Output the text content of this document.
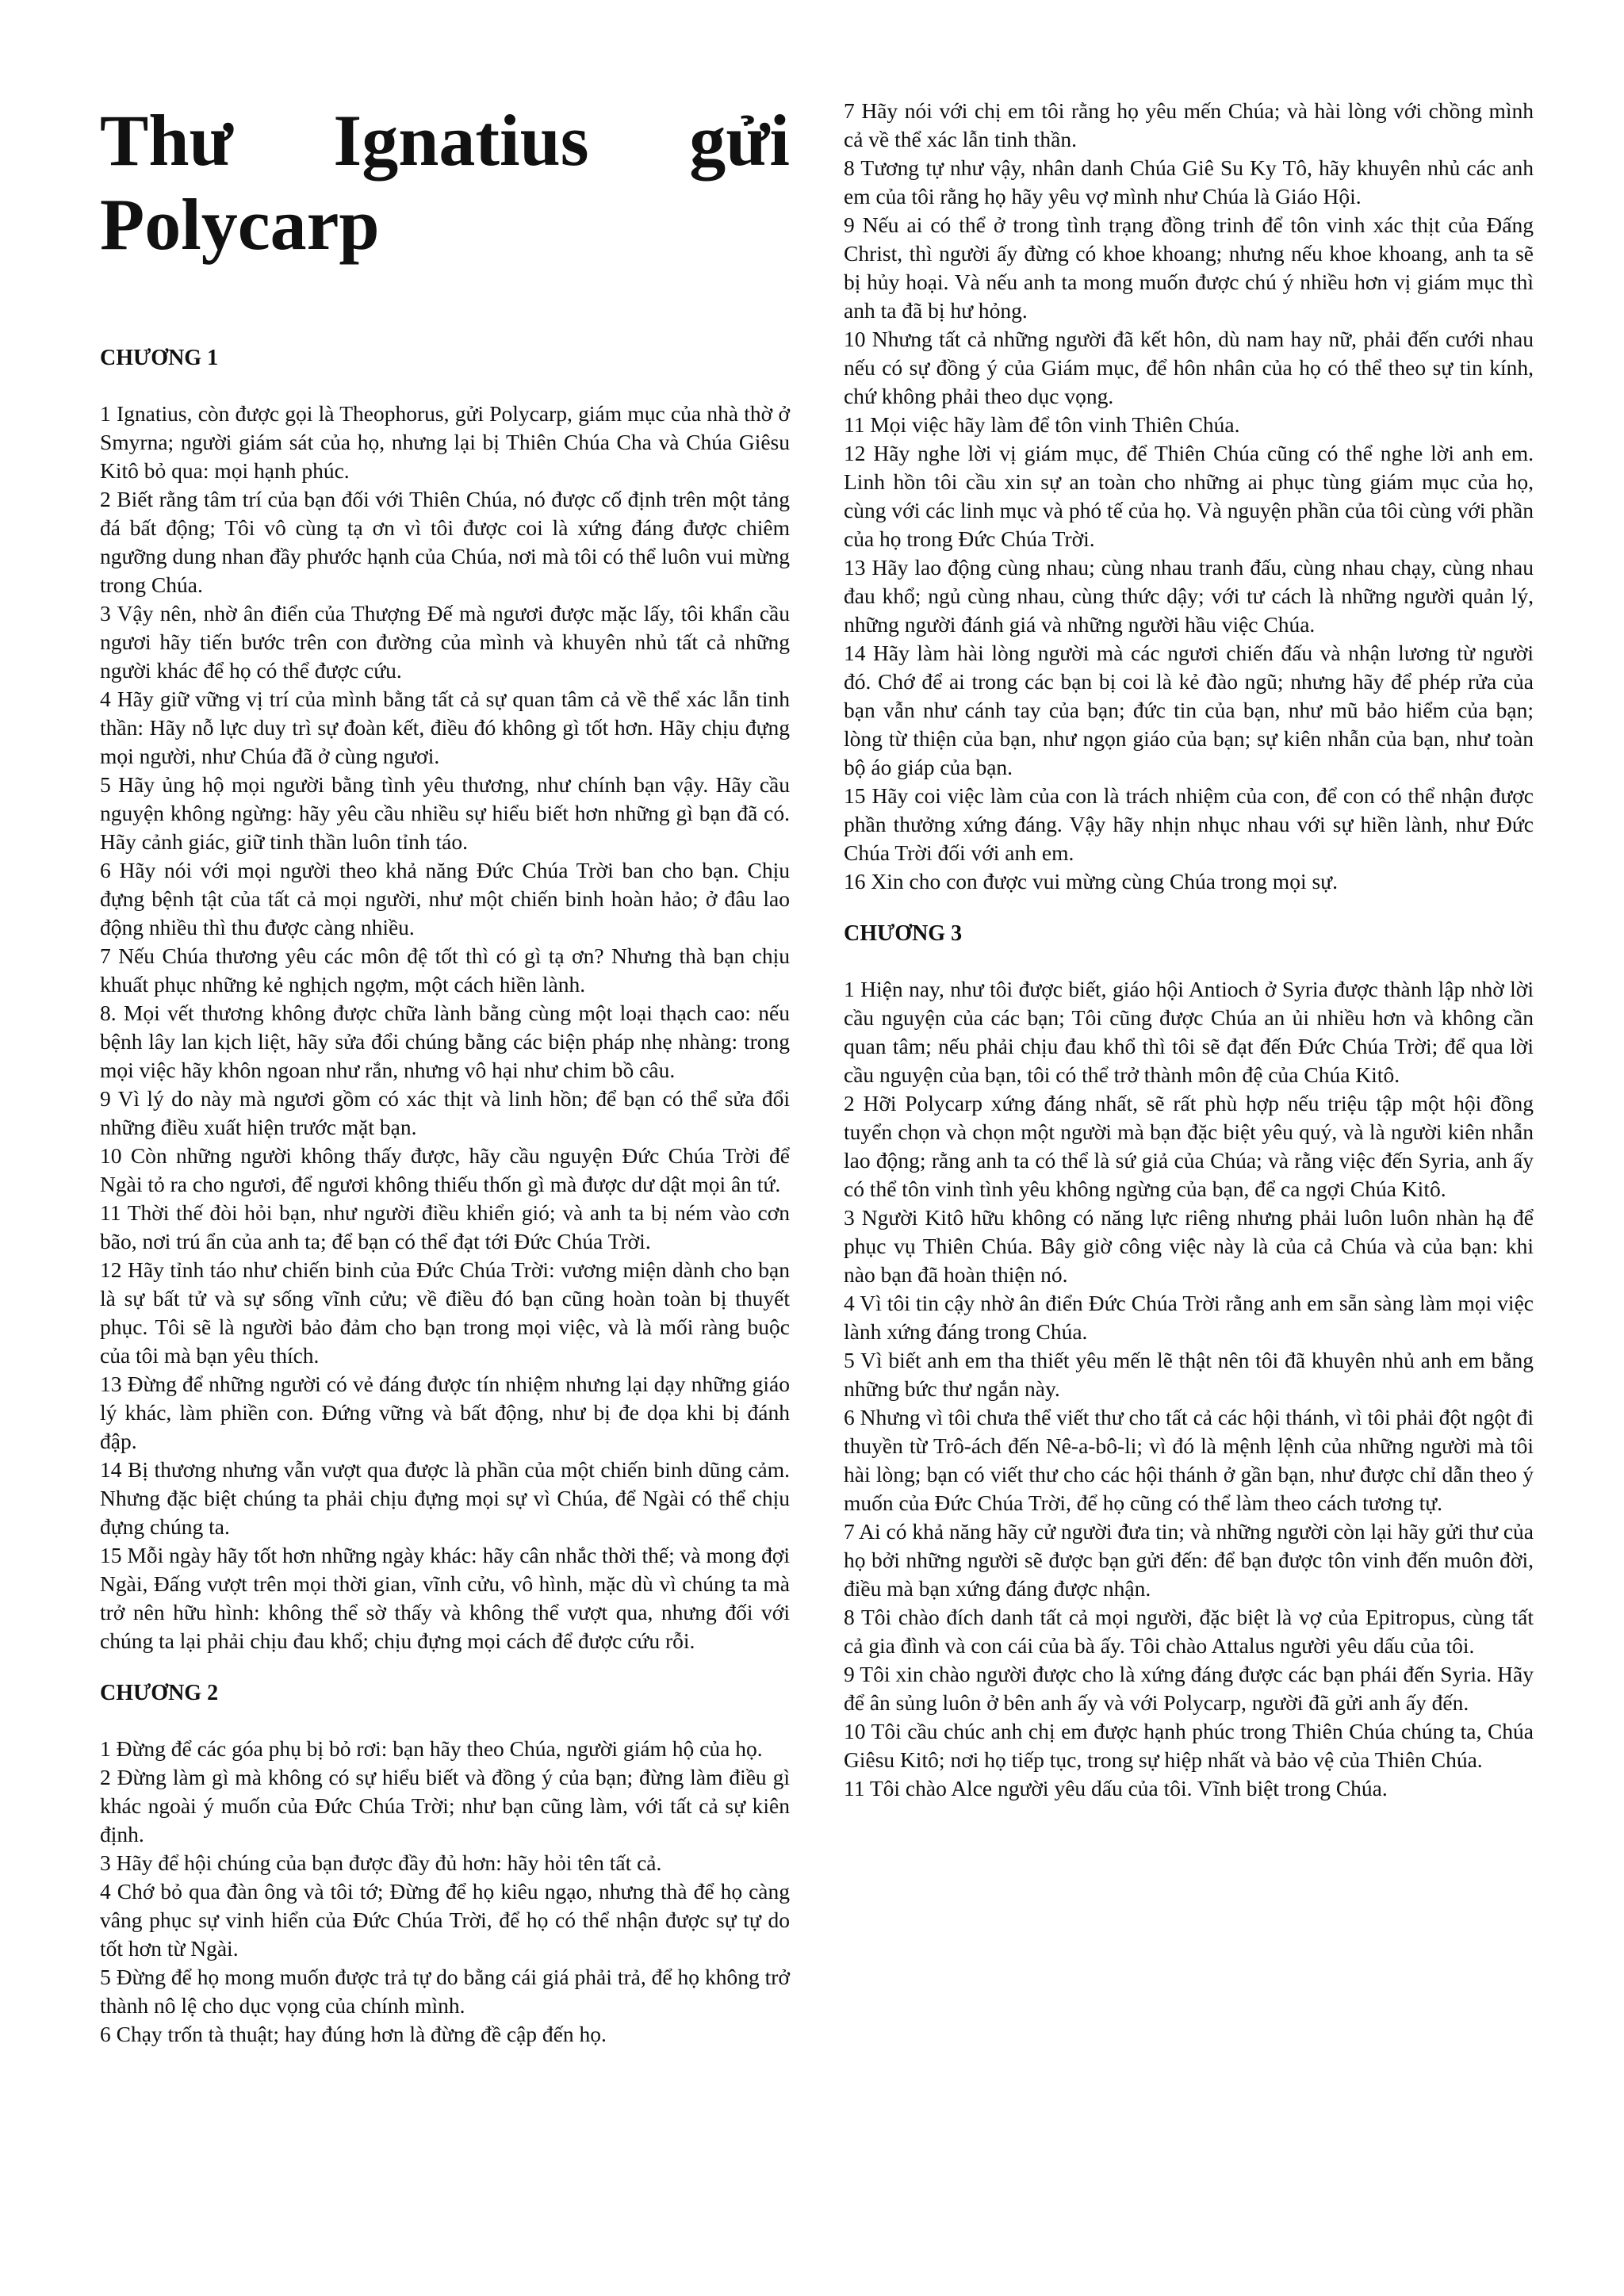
Thư Ignatius gửi Polycarp
CHƯƠNG 1

1 Ignatius, còn được gọi là Theophorus, gửi Polycarp, giám mục của nhà thờ ở Smyrna; người giám sát của họ, nhưng lại bị Thiên Chúa Cha và Chúa Giêsu Kitô bỏ qua: mọi hạnh phúc.

2 Biết rằng tâm trí của bạn đối với Thiên Chúa, nó được cố định trên một tảng đá bất động; Tôi vô cùng tạ ơn vì tôi được coi là xứng đáng được chiêm ngưỡng dung nhan đầy phước hạnh của Chúa, nơi mà tôi có thể luôn vui mừng trong Chúa.

3 Vậy nên, nhờ ân điển của Thượng Đế mà ngươi được mặc lấy, tôi khẩn cầu ngươi hãy tiến bước trên con đường của mình và khuyên nhủ tất cả những người khác để họ có thể được cứu.

4 Hãy giữ vững vị trí của mình bằng tất cả sự quan tâm cả về thể xác lẫn tinh thần: Hãy nỗ lực duy trì sự đoàn kết, điều đó không gì tốt hơn. Hãy chịu đựng mọi người, như Chúa đã ở cùng ngươi.

5 Hãy ủng hộ mọi người bằng tình yêu thương, như chính bạn vậy. Hãy cầu nguyện không ngừng: hãy yêu cầu nhiều sự hiểu biết hơn những gì bạn đã có. Hãy cảnh giác, giữ tinh thần luôn tỉnh táo.

6 Hãy nói với mọi người theo khả năng Đức Chúa Trời ban cho bạn. Chịu đựng bệnh tật của tất cả mọi người, như một chiến binh hoàn hảo; ở đâu lao động nhiều thì thu được càng nhiều.

7 Nếu Chúa thương yêu các môn đệ tốt thì có gì tạ ơn? Nhưng thà bạn chịu khuất phục những kẻ nghịch ngợm, một cách hiền lành.

8. Mọi vết thương không được chữa lành bằng cùng một loại thạch cao: nếu bệnh lây lan kịch liệt, hãy sửa đổi chúng bằng các biện pháp nhẹ nhàng: trong mọi việc hãy khôn ngoan như rắn, nhưng vô hại như chim bồ câu.

9 Vì lý do này mà ngươi gồm có xác thịt và linh hồn; để bạn có thể sửa đổi những điều xuất hiện trước mặt bạn.

10 Còn những người không thấy được, hãy cầu nguyện Đức Chúa Trời để Ngài tỏ ra cho ngươi, để ngươi không thiếu thốn gì mà được dư dật mọi ân tứ.

11 Thời thế đòi hỏi bạn, như người điều khiển gió; và anh ta bị ném vào cơn bão, nơi trú ẩn của anh ta; để bạn có thể đạt tới Đức Chúa Trời.

12 Hãy tỉnh táo như chiến binh của Đức Chúa Trời: vương miện dành cho bạn là sự bất tử và sự sống vĩnh cửu; về điều đó bạn cũng hoàn toàn bị thuyết phục. Tôi sẽ là người bảo đảm cho bạn trong mọi việc, và là mối ràng buộc của tôi mà bạn yêu thích.

13 Đừng để những người có vẻ đáng được tín nhiệm nhưng lại dạy những giáo lý khác, làm phiền con. Đứng vững và bất động, như bị đe dọa khi bị đánh đập.

14 Bị thương nhưng vẫn vượt qua được là phần của một chiến binh dũng cảm. Nhưng đặc biệt chúng ta phải chịu đựng mọi sự vì Chúa, để Ngài có thể chịu đựng chúng ta.

15 Mỗi ngày hãy tốt hơn những ngày khác: hãy cân nhắc thời thế; và mong đợi Ngài, Đấng vượt trên mọi thời gian, vĩnh cửu, vô hình, mặc dù vì chúng ta mà trở nên hữu hình: không thể sờ thấy và không thể vượt qua, nhưng đối với chúng ta lại phải chịu đau khổ; chịu đựng mọi cách để được cứu rỗi.

CHƯƠNG 2

1 Đừng để các góa phụ bị bỏ rơi: bạn hãy theo Chúa, người giám hộ của họ.

2 Đừng làm gì mà không có sự hiểu biết và đồng ý của bạn; đừng làm điều gì khác ngoài ý muốn của Đức Chúa Trời; như bạn cũng làm, với tất cả sự kiên định.

3 Hãy để hội chúng của bạn được đầy đủ hơn: hãy hỏi tên tất cả.

4 Chớ bỏ qua đàn ông và tôi tớ; Đừng để họ kiêu ngạo, nhưng thà để họ càng vâng phục sự vinh hiển của Đức Chúa Trời, để họ có thể nhận được sự tự do tốt hơn từ Ngài.

5 Đừng để họ mong muốn được trả tự do bằng cái giá phải trả, để họ không trở thành nô lệ cho dục vọng của chính mình.

6 Chạy trốn tà thuật; hay đúng hơn là đừng đề cập đến họ.

7 Hãy nói với chị em tôi rằng họ yêu mến Chúa; và hài lòng với chồng mình cả về thể xác lẫn tinh thần.

8 Tương tự như vậy, nhân danh Chúa Giê Su Ky Tô, hãy khuyên nhủ các anh em của tôi rằng họ hãy yêu vợ mình như Chúa là Giáo Hội.

9 Nếu ai có thể ở trong tình trạng đồng trinh để tôn vinh xác thịt của Đấng Christ, thì người ấy đừng có khoe khoang; nhưng nếu khoe khoang, anh ta sẽ bị hủy hoại. Và nếu anh ta mong muốn được chú ý nhiều hơn vị giám mục thì anh ta đã bị hư hỏng.

10 Nhưng tất cả những người đã kết hôn, dù nam hay nữ, phải đến cưới nhau nếu có sự đồng ý của Giám mục, để hôn nhân của họ có thể theo sự tin kính, chứ không phải theo dục vọng.

11 Mọi việc hãy làm để tôn vinh Thiên Chúa.

12 Hãy nghe lời vị giám mục, để Thiên Chúa cũng có thể nghe lời anh em. Linh hồn tôi cầu xin sự an toàn cho những ai phục tùng giám mục của họ, cùng với các linh mục và phó tế của họ. Và nguyện phần của tôi cùng với phần của họ trong Đức Chúa Trời.

13 Hãy lao động cùng nhau; cùng nhau tranh đấu, cùng nhau chạy, cùng nhau đau khổ; ngủ cùng nhau, cùng thức dậy; với tư cách là những người quản lý, những người đánh giá và những người hầu việc Chúa.

14 Hãy làm hài lòng người mà các ngươi chiến đấu và nhận lương từ người đó. Chớ để ai trong các bạn bị coi là kẻ đào ngũ; nhưng hãy để phép rửa của bạn vẫn như cánh tay của bạn; đức tin của bạn, như mũ bảo hiểm của bạn; lòng từ thiện của bạn, như ngọn giáo của bạn; sự kiên nhẫn của bạn, như toàn bộ áo giáp của bạn.

15 Hãy coi việc làm của con là trách nhiệm của con, để con có thể nhận được phần thưởng xứng đáng. Vậy hãy nhịn nhục nhau với sự hiền lành, như Đức Chúa Trời đối với anh em.

16 Xin cho con được vui mừng cùng Chúa trong mọi sự.

CHƯƠNG 3

1 Hiện nay, như tôi được biết, giáo hội Antioch ở Syria được thành lập nhờ lời cầu nguyện của các bạn; Tôi cũng được Chúa an ủi nhiều hơn và không cần quan tâm; nếu phải chịu đau khổ thì tôi sẽ đạt đến Đức Chúa Trời; để qua lời cầu nguyện của bạn, tôi có thể trở thành môn đệ của Chúa Kitô.

2 Hỡi Polycarp xứng đáng nhất, sẽ rất phù hợp nếu triệu tập một hội đồng tuyển chọn và chọn một người mà bạn đặc biệt yêu quý, và là người kiên nhẫn lao động; rằng anh ta có thể là sứ giả của Chúa; và rằng việc đến Syria, anh ấy có thể tôn vinh tình yêu không ngừng của bạn, để ca ngợi Chúa Kitô.

3 Người Kitô hữu không có năng lực riêng nhưng phải luôn luôn nhàn hạ để phục vụ Thiên Chúa. Bây giờ công việc này là của cả Chúa và của bạn: khi nào bạn đã hoàn thiện nó.

4 Vì tôi tin cậy nhờ ân điển Đức Chúa Trời rằng anh em sẵn sàng làm mọi việc lành xứng đáng trong Chúa.

5 Vì biết anh em tha thiết yêu mến lẽ thật nên tôi đã khuyên nhủ anh em bằng những bức thư ngắn này.

6 Nhưng vì tôi chưa thể viết thư cho tất cả các hội thánh, vì tôi phải đột ngột đi thuyền từ Trô-ách đến Nê-a-bô-li; vì đó là mệnh lệnh của những người mà tôi hài lòng; bạn có viết thư cho các hội thánh ở gần bạn, như được chỉ dẫn theo ý muốn của Đức Chúa Trời, để họ cũng có thể làm theo cách tương tự.

7 Ai có khả năng hãy cử người đưa tin; và những người còn lại hãy gửi thư của họ bởi những người sẽ được bạn gửi đến: để bạn được tôn vinh đến muôn đời, điều mà bạn xứng đáng được nhận.

8 Tôi chào đích danh tất cả mọi người, đặc biệt là vợ của Epitropus, cùng tất cả gia đình và con cái của bà ấy. Tôi chào Attalus người yêu dấu của tôi.

9 Tôi xin chào người được cho là xứng đáng được các bạn phái đến Syria. Hãy để ân sủng luôn ở bên anh ấy và với Polycarp, người đã gửi anh ấy đến.

10 Tôi cầu chúc anh chị em được hạnh phúc trong Thiên Chúa chúng ta, Chúa Giêsu Kitô; nơi họ tiếp tục, trong sự hiệp nhất và bảo vệ của Thiên Chúa.

11 Tôi chào Alce người yêu dấu của tôi. Vĩnh biệt trong Chúa.
